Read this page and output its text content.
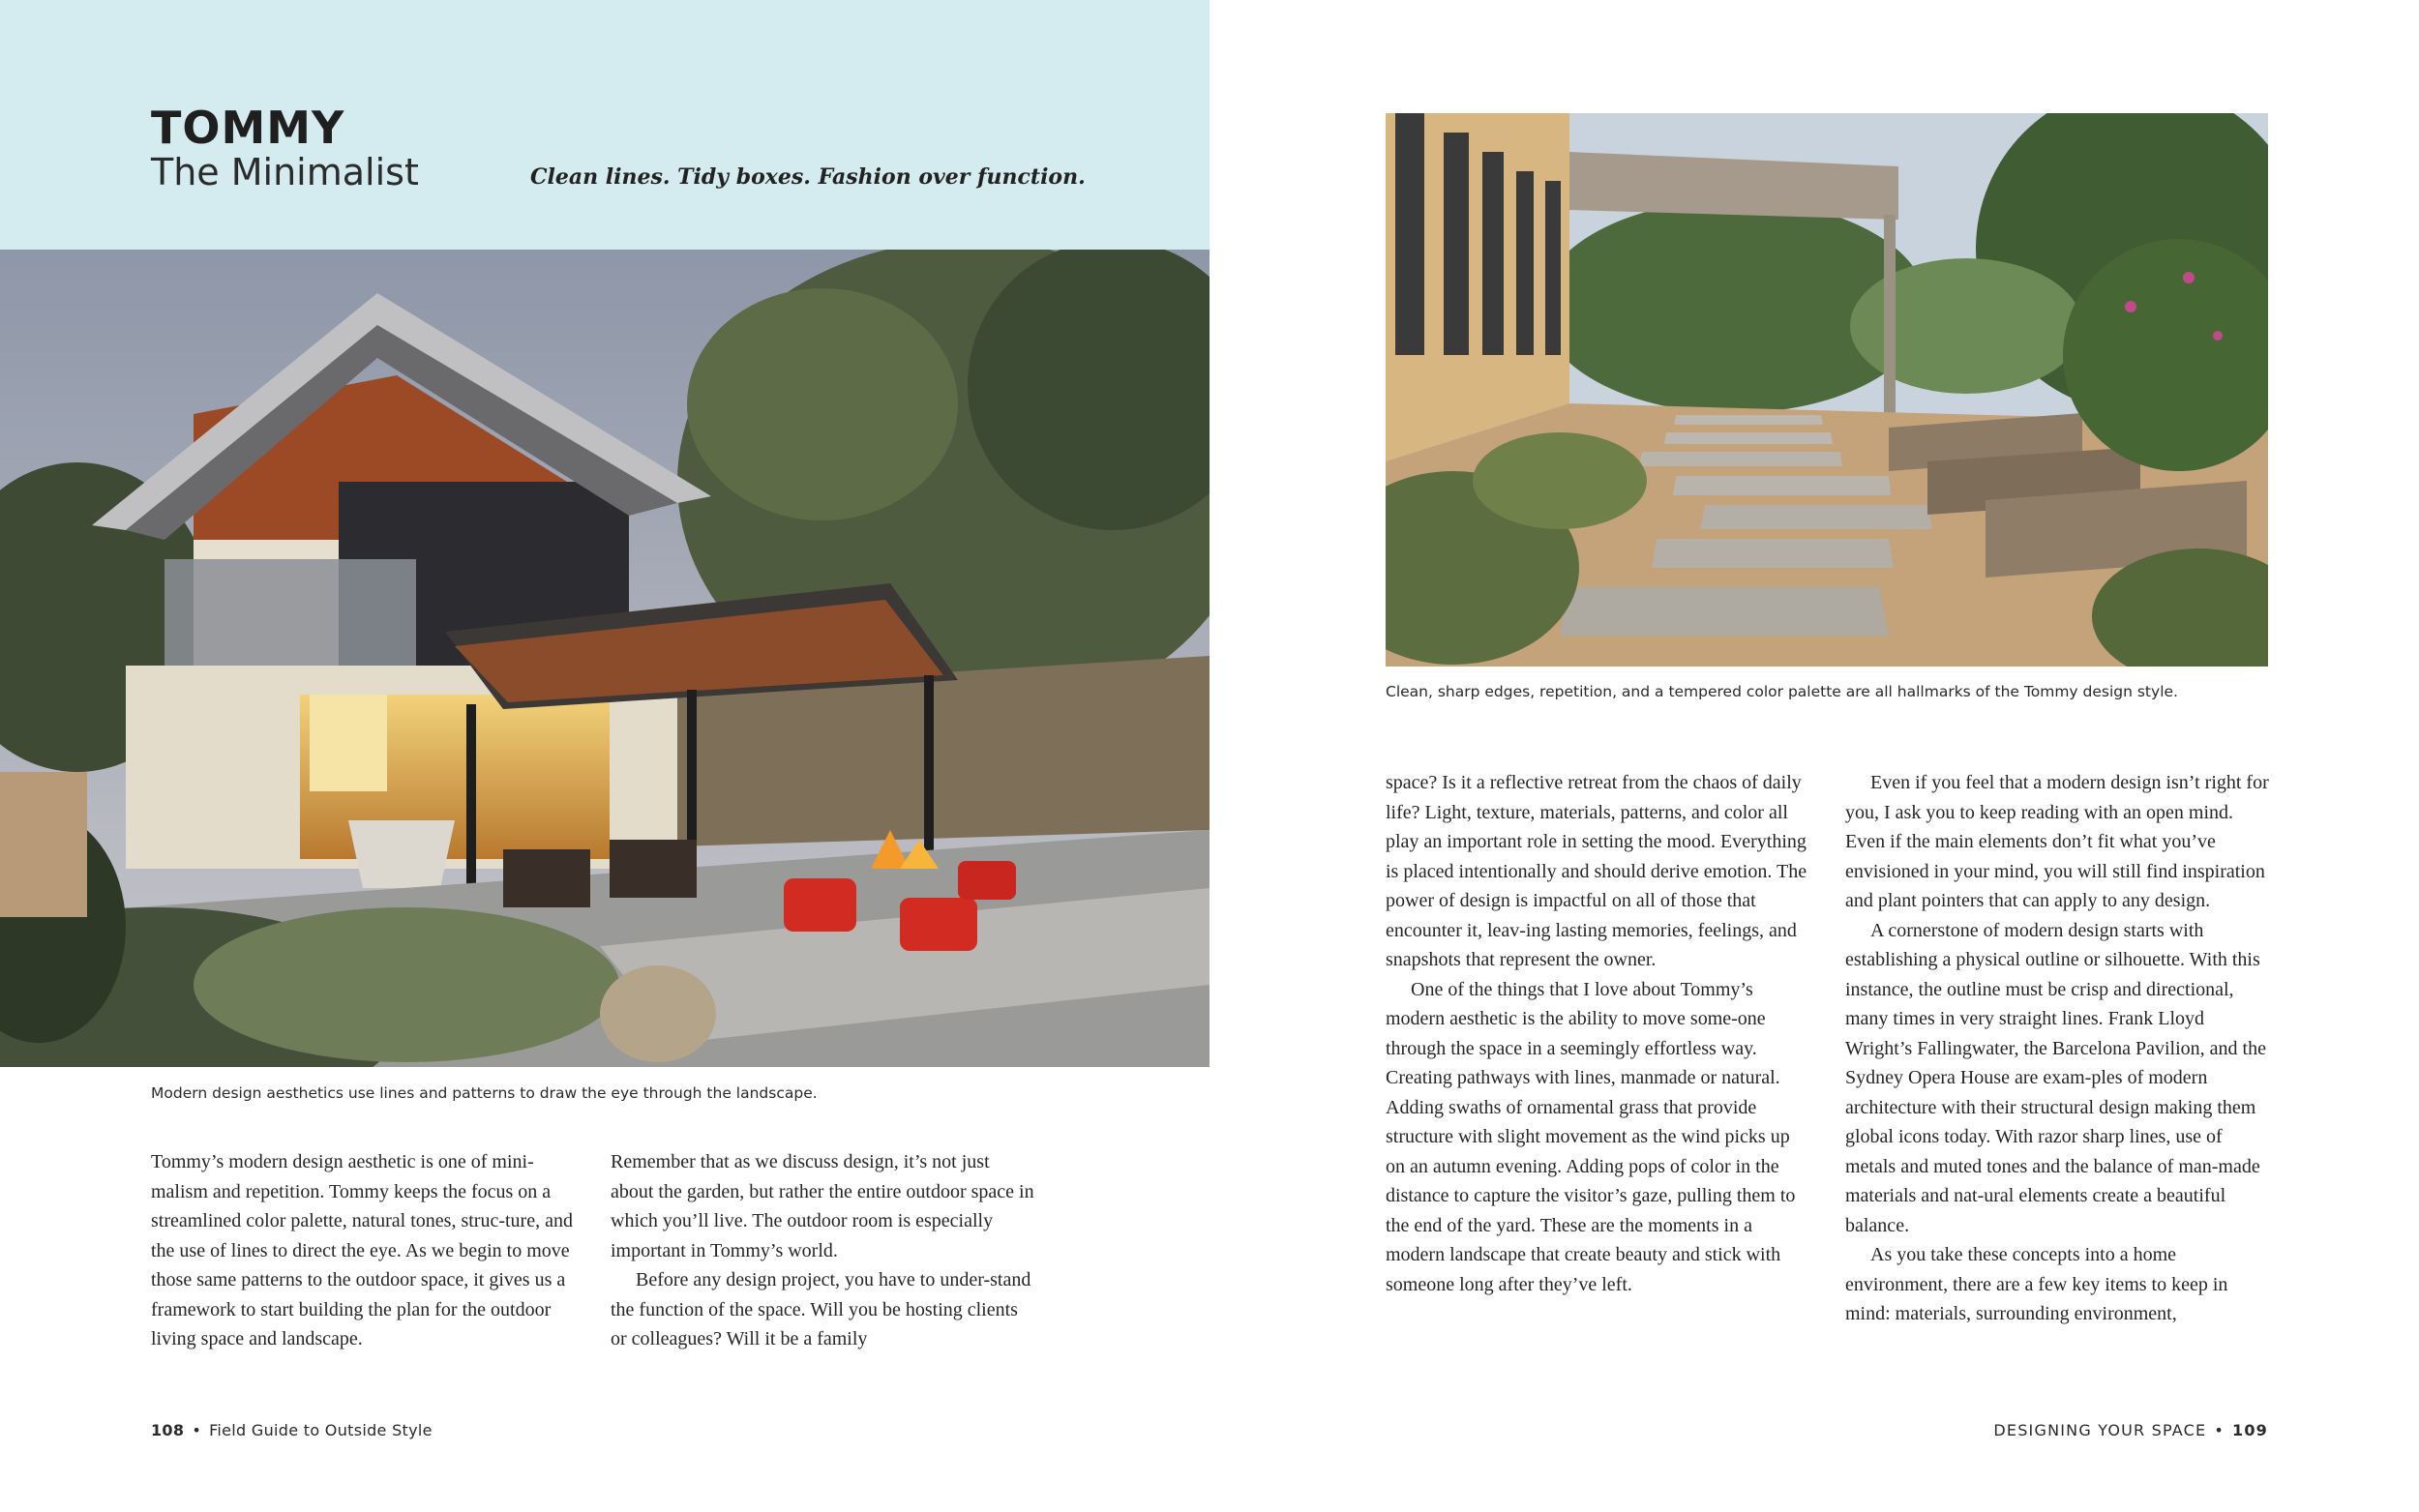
TOMMY
The Minimalist	Clean lines. Tidy boxes. Fashion over function.
Modern design aesthetics use lines and patterns to draw the eye through the landscape.

Tommy’s modern design aesthetic is one of mini-malism and repetition. Tommy keeps the focus on a streamlined color palette, natural tones, struc-ture, and the use of lines to direct the eye. As we begin to move those same patterns to the outdoor space, it gives us a framework to start building the plan for the outdoor living space and landscape.

Remember that as we discuss design, it’s not just about the garden, but rather the entire outdoor space in which you’ll live. The outdoor room is especially important in Tommy’s world.

Before any design project, you have to under-stand the function of the space. Will you be hosting clients or colleagues? Will it be a family

108 • Field Guide to Outside Style
Clean, sharp edges, repetition, and a tempered color palette are all hallmarks of the Tommy design style.

space? Is it a reflective retreat from the chaos of daily life? Light, texture, materials, patterns, and color all play an important role in setting the mood. Everything is placed intentionally and should derive emotion. The power of design is impactful on all of those that encounter it, leav-ing lasting memories, feelings, and snapshots that represent the owner.

One of the things that I love about Tommy’s modern aesthetic is the ability to move some-one through the space in a seemingly effortless way. Creating pathways with lines, manmade or natural. Adding swaths of ornamental grass that provide structure with slight movement as the wind picks up on an autumn evening. Adding pops of color in the distance to capture the visitor’s gaze, pulling them to the end of the yard. These are the moments in a modern landscape that create beauty and stick with someone long after they’ve left.

Even if you feel that a modern design isn’t right for you, I ask you to keep reading with an open mind. Even if the main elements don’t fit what you’ve envisioned in your mind, you will still find inspiration and plant pointers that can apply to any design.

A cornerstone of modern design starts with establishing a physical outline or silhouette. With this instance, the outline must be crisp and directional, many times in very straight lines. Frank Lloyd Wright’s Fallingwater, the Barcelona Pavilion, and the Sydney Opera House are exam-ples of modern architecture with their structural design making them global icons today. With razor sharp lines, use of metals and muted tones and the balance of man-made materials and nat-ural elements create a beautiful balance.

As you take these concepts into a home environment, there are a few key items to keep in mind: materials, surrounding environment,

DESIGNING YOUR SPACE • 109
